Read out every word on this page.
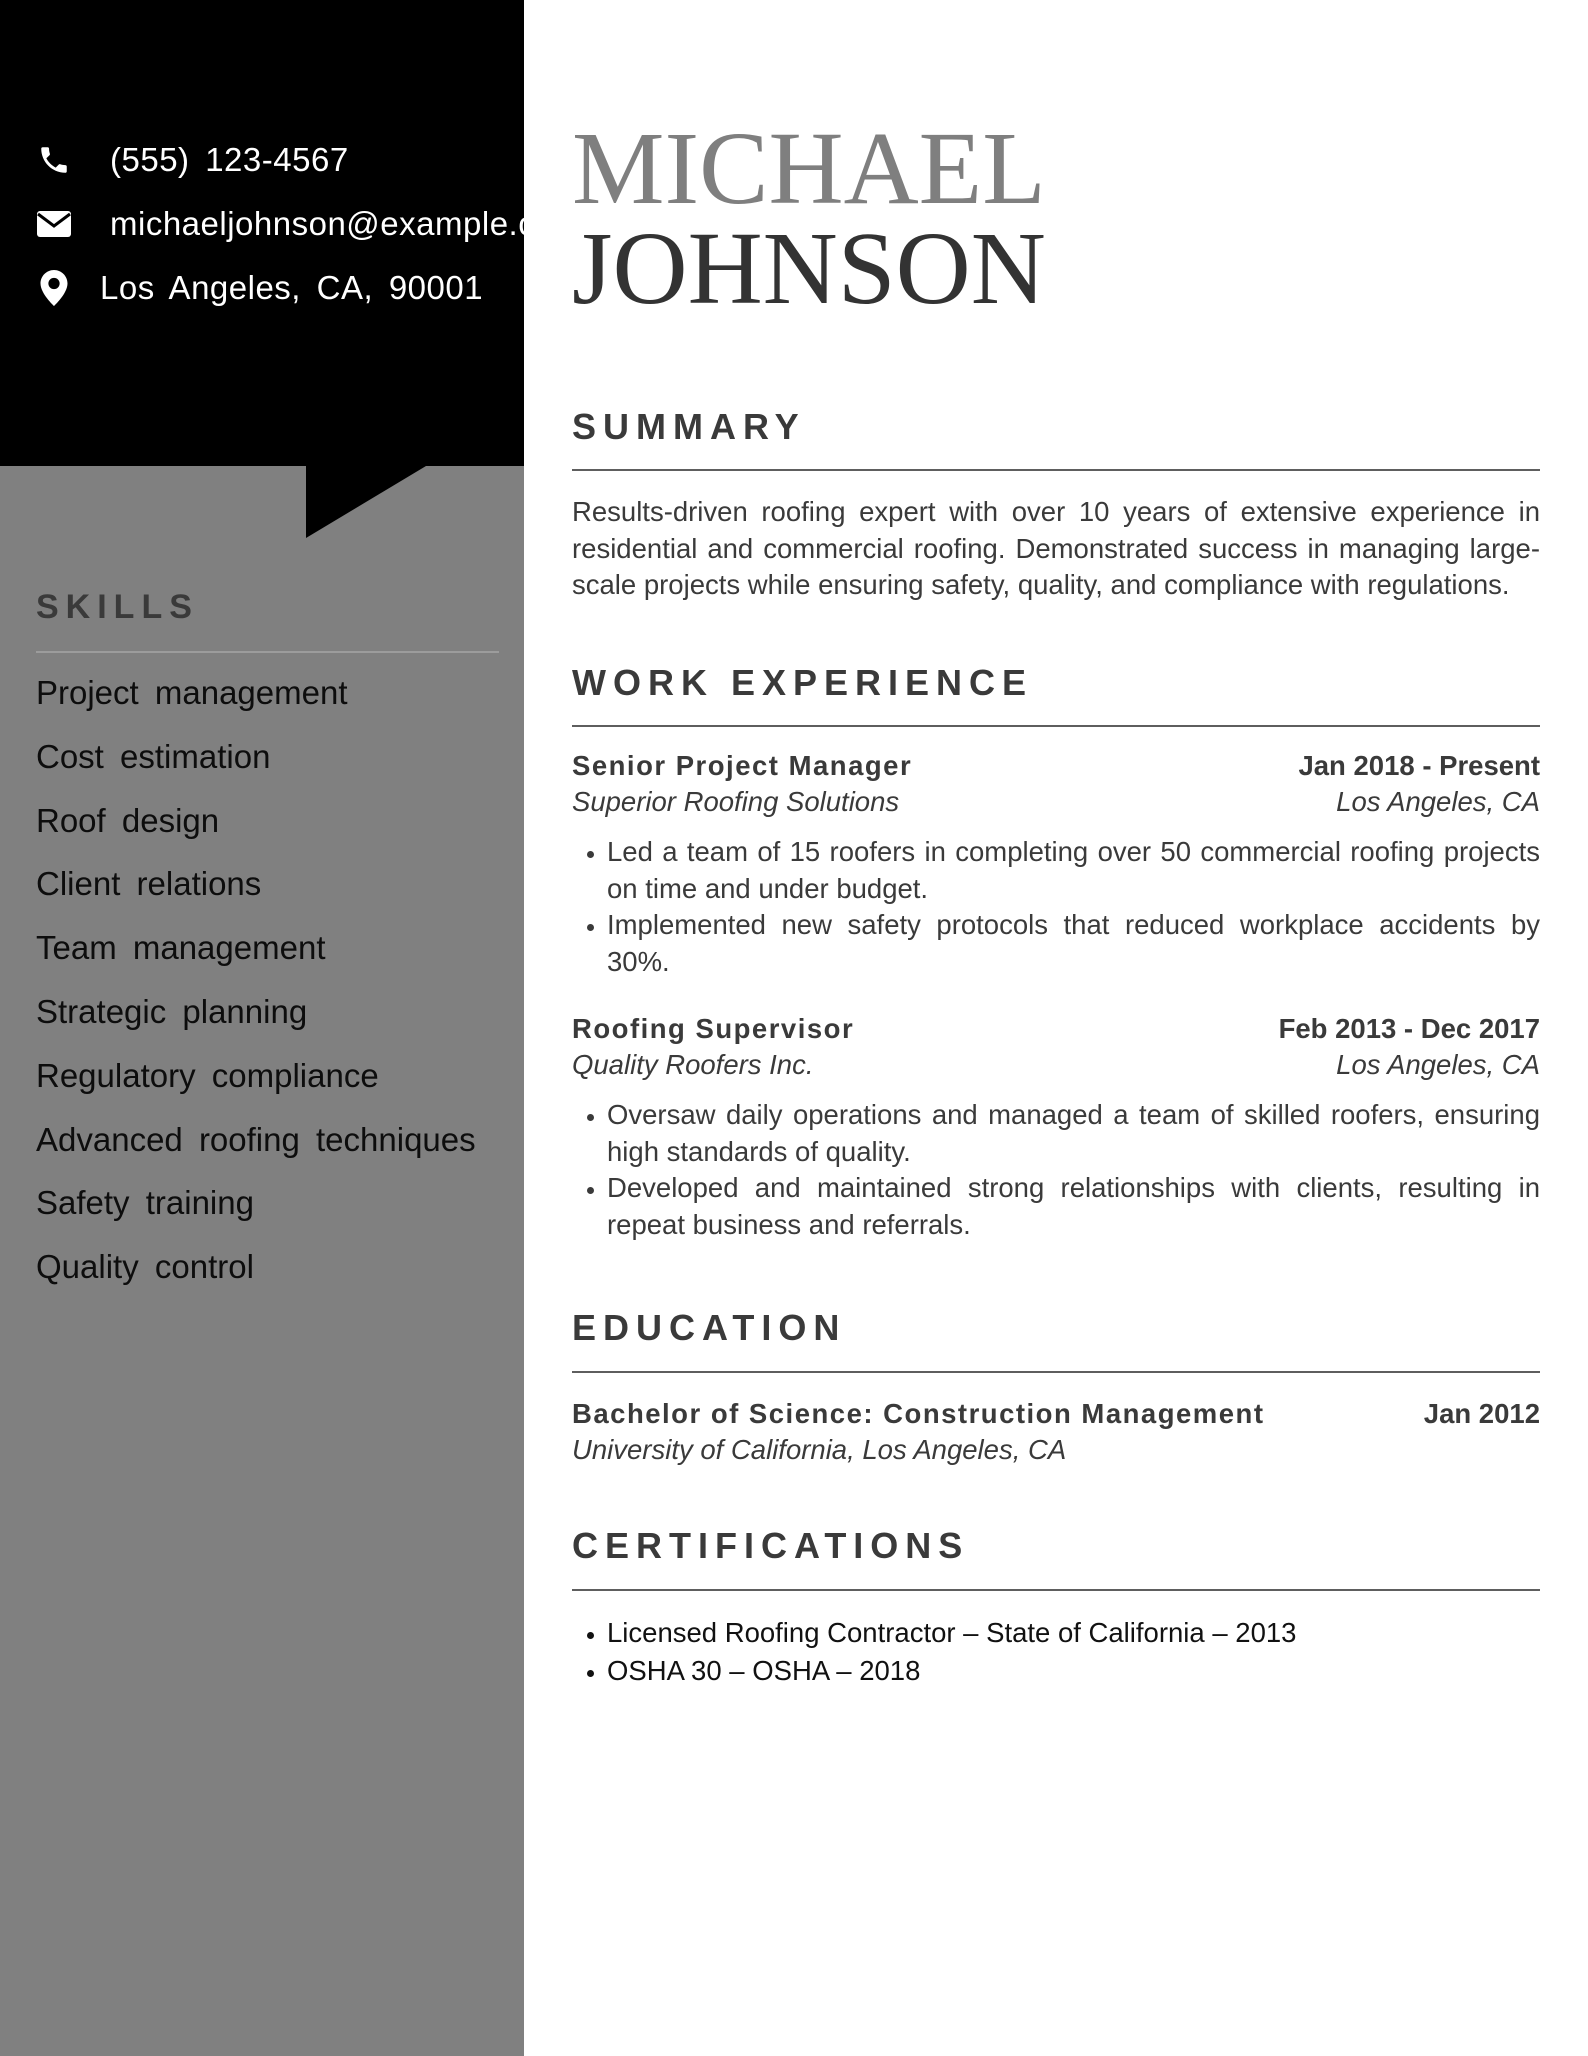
(555) 123-4567
michaeljohnson@example.com
Los Angeles, CA, 90001
SKILLS
Project management
Cost estimation
Roof design
Client relations
Team management
Strategic planning
Regulatory compliance
Advanced roofing techniques
Safety training
Quality control
MICHAEL
JOHNSON
SUMMARY

Results-driven roofing expert with over 10 years of extensive experience in residential and commercial roofing. Demonstrated success in managing large-scale projects while ensuring safety, quality, and compliance with regulations.

WORK EXPERIENCE
Senior Project Manager	Jan 2018 - Present
Superior Roofing Solutions	Los Angeles, CA
• Led a team of 15 roofers in completing over 50 commercial roofing projects on time and under budget.
• Implemented new safety protocols that reduced workplace accidents by 30%.
Roofing Supervisor	Feb 2013 - Dec 2017
Quality Roofers Inc.	Los Angeles, CA
• Oversaw daily operations and managed a team of skilled roofers, ensuring high standards of quality.
• Developed and maintained strong relationships with clients, resulting in repeat business and referrals.
EDUCATION
Bachelor of Science: Construction Management	Jan 2012
University of California, Los Angeles, CA
CERTIFICATIONS
• Licensed Roofing Contractor – State of California – 2013
• OSHA 30 – OSHA – 2018
